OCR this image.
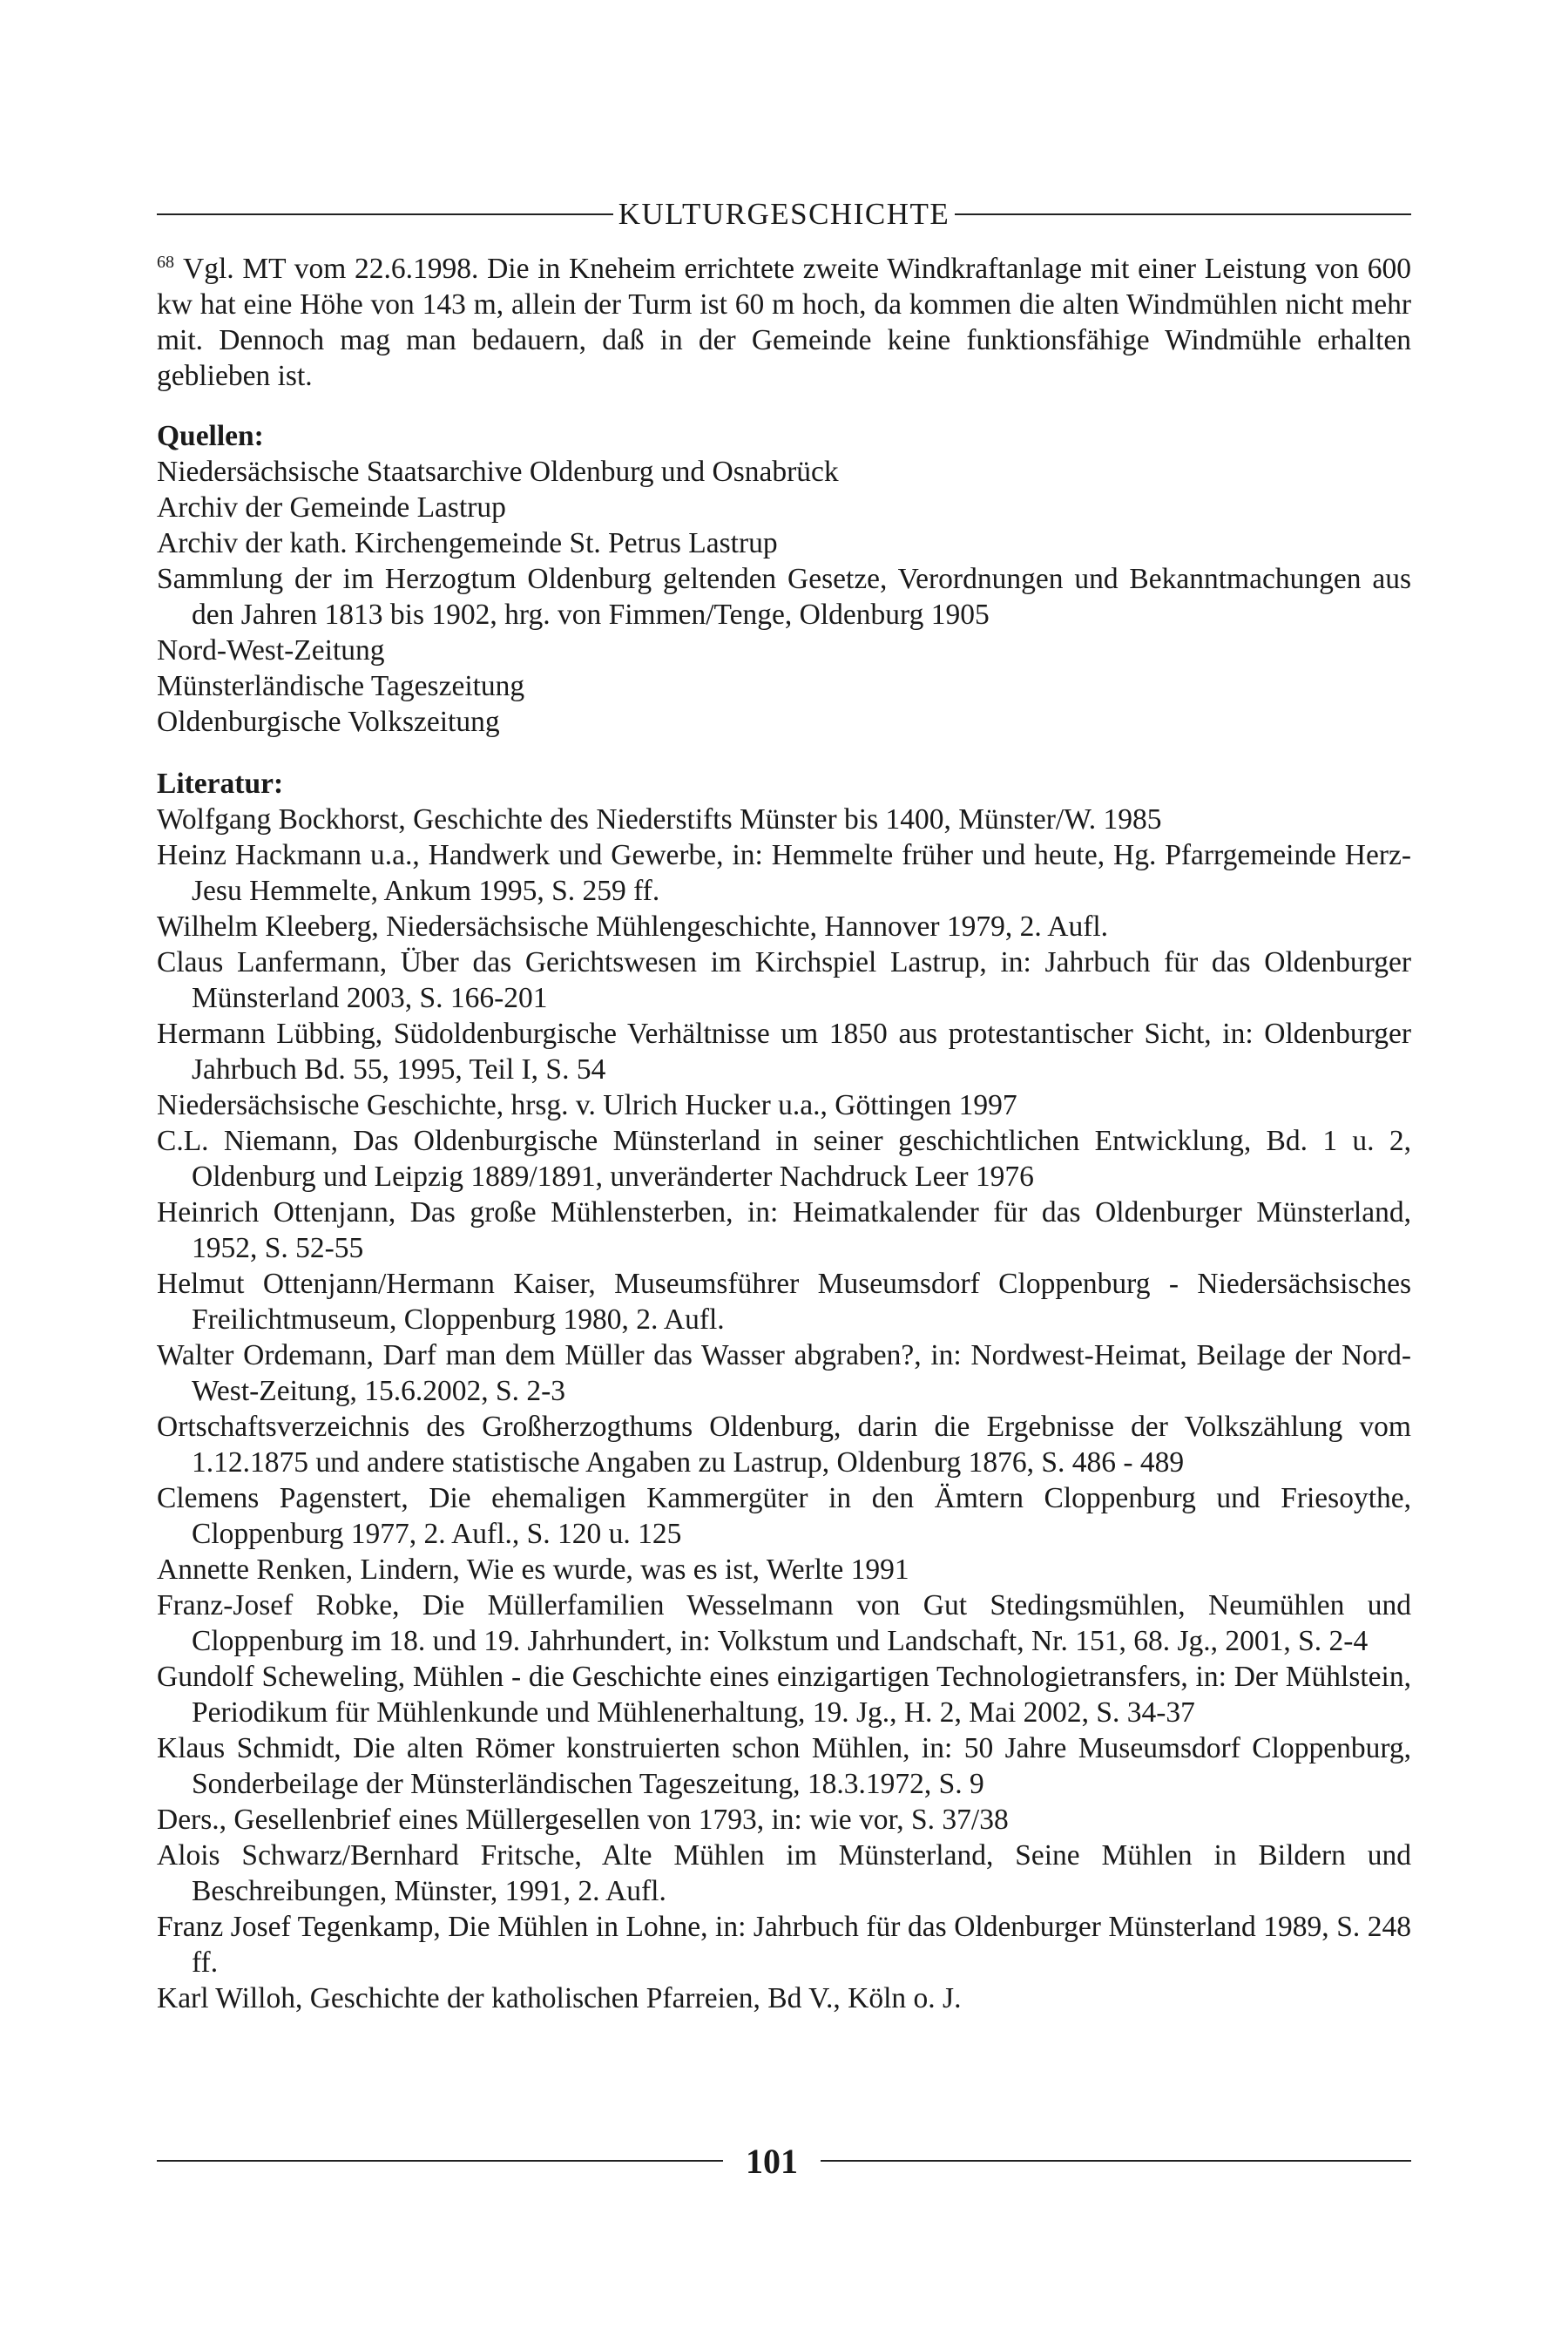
KULTURGESCHICHTE

$^{68}$ Vgl. MT vom 22.6.1998. Die in Kneheim errichtete zweite Windkraftanlage mit einer Leistung von 600 kw hat eine Höhe von 143 m, allein der Turm ist 60 m hoch, da kommen die alten Windmühlen nicht mehr mit. Dennoch mag man bedauern, daß in der Gemeinde keine funktionsfähige Windmühle erhalten geblieben ist.

Quellen:

Niedersächsische Staatsarchive Oldenburg und Osnabrück
Archiv der Gemeinde Lastrup
Archiv der kath. Kirchengemeinde St. Petrus Lastrup
Sammlung der im Herzogtum Oldenburg geltenden Gesetze, Verordnungen und Bekanntmachungen aus den Jahren 1813 bis 1902, hrg. von Fimmen/Tenge, Oldenburg 1905
Nord-West-Zeitung
Münsterländische Tageszeitung
Oldenburgische Volkszeitung

Literatur:

Wolfgang Bockhorst, Geschichte des Niederstifts Münster bis 1400, Münster/W. 1985
Heinz Hackmann u.a., Handwerk und Gewerbe, in: Hemmelte früher und heute, Hg. Pfarrgemeinde Herz-Jesu Hemmelte, Ankum 1995, S. 259 ff.
Wilhelm Kleeberg, Niedersächsische Mühlengeschichte, Hannover 1979, 2. Aufl.
Claus Lanfermann, Über das Gerichtswesen im Kirchspiel Lastrup, in: Jahrbuch für das Oldenburger Münsterland 2003, S. 166-201
Hermann Lübbing, Südoldenburgische Verhältnisse um 1850 aus protestantischer Sicht, in: Oldenburger Jahrbuch Bd. 55, 1995, Teil I, S. 54
Niedersächsische Geschichte, hrsg. v. Ulrich Hucker u.a., Göttingen 1997
C.L. Niemann, Das Oldenburgische Münsterland in seiner geschichtlichen Entwicklung, Bd. 1 u. 2, Oldenburg und Leipzig 1889/1891, unveränderter Nachdruck Leer 1976
Heinrich Ottenjann, Das große Mühlensterben, in: Heimatkalender für das Oldenburger Münsterland, 1952, S. 52-55
Helmut Ottenjann/Hermann Kaiser, Museumsführer Museumsdorf Cloppenburg - Niedersächsisches Freilichtmuseum, Cloppenburg 1980, 2. Aufl.
Walter Ordemann, Darf man dem Müller das Wasser abgraben?, in: Nordwest-Heimat, Beilage der Nord-West-Zeitung, 15.6.2002, S. 2-3
Ortschaftsverzeichnis des Großherzogthums Oldenburg, darin die Ergebnisse der Volkszählung vom 1.12.1875 und andere statistische Angaben zu Lastrup, Oldenburg 1876, S. 486 - 489
Clemens Pagenstert, Die ehemaligen Kammergüter in den Ämtern Cloppenburg und Friesoythe, Cloppenburg 1977, 2. Aufl., S. 120 u. 125
Annette Renken, Lindern, Wie es wurde, was es ist, Werlte 1991
Franz-Josef Robke, Die Müllerfamilien Wesselmann von Gut Stedingsmühlen, Neumühlen und Cloppenburg im 18. und 19. Jahrhundert, in: Volkstum und Landschaft, Nr. 151, 68. Jg., 2001, S. 2-4
Gundolf Scheweling, Mühlen - die Geschichte eines einzigartigen Technologietransfers, in: Der Mühlstein, Periodikum für Mühlenkunde und Mühlenerhaltung, 19. Jg., H. 2, Mai 2002, S. 34-37
Klaus Schmidt, Die alten Römer konstruierten schon Mühlen, in: 50 Jahre Museumsdorf Cloppenburg, Sonderbeilage der Münsterländischen Tageszeitung, 18.3.1972, S. 9
Ders., Gesellenbrief eines Müllergesellen von 1793, in: wie vor, S. 37/38
Alois Schwarz/Bernhard Fritsche, Alte Mühlen im Münsterland, Seine Mühlen in Bildern und Beschreibungen, Münster, 1991, 2. Aufl.
Franz Josef Tegenkamp, Die Mühlen in Lohne, in: Jahrbuch für das Oldenburger Münsterland 1989, S. 248 ff.
Karl Willoh, Geschichte der katholischen Pfarreien, Bd V., Köln o. J.
101
